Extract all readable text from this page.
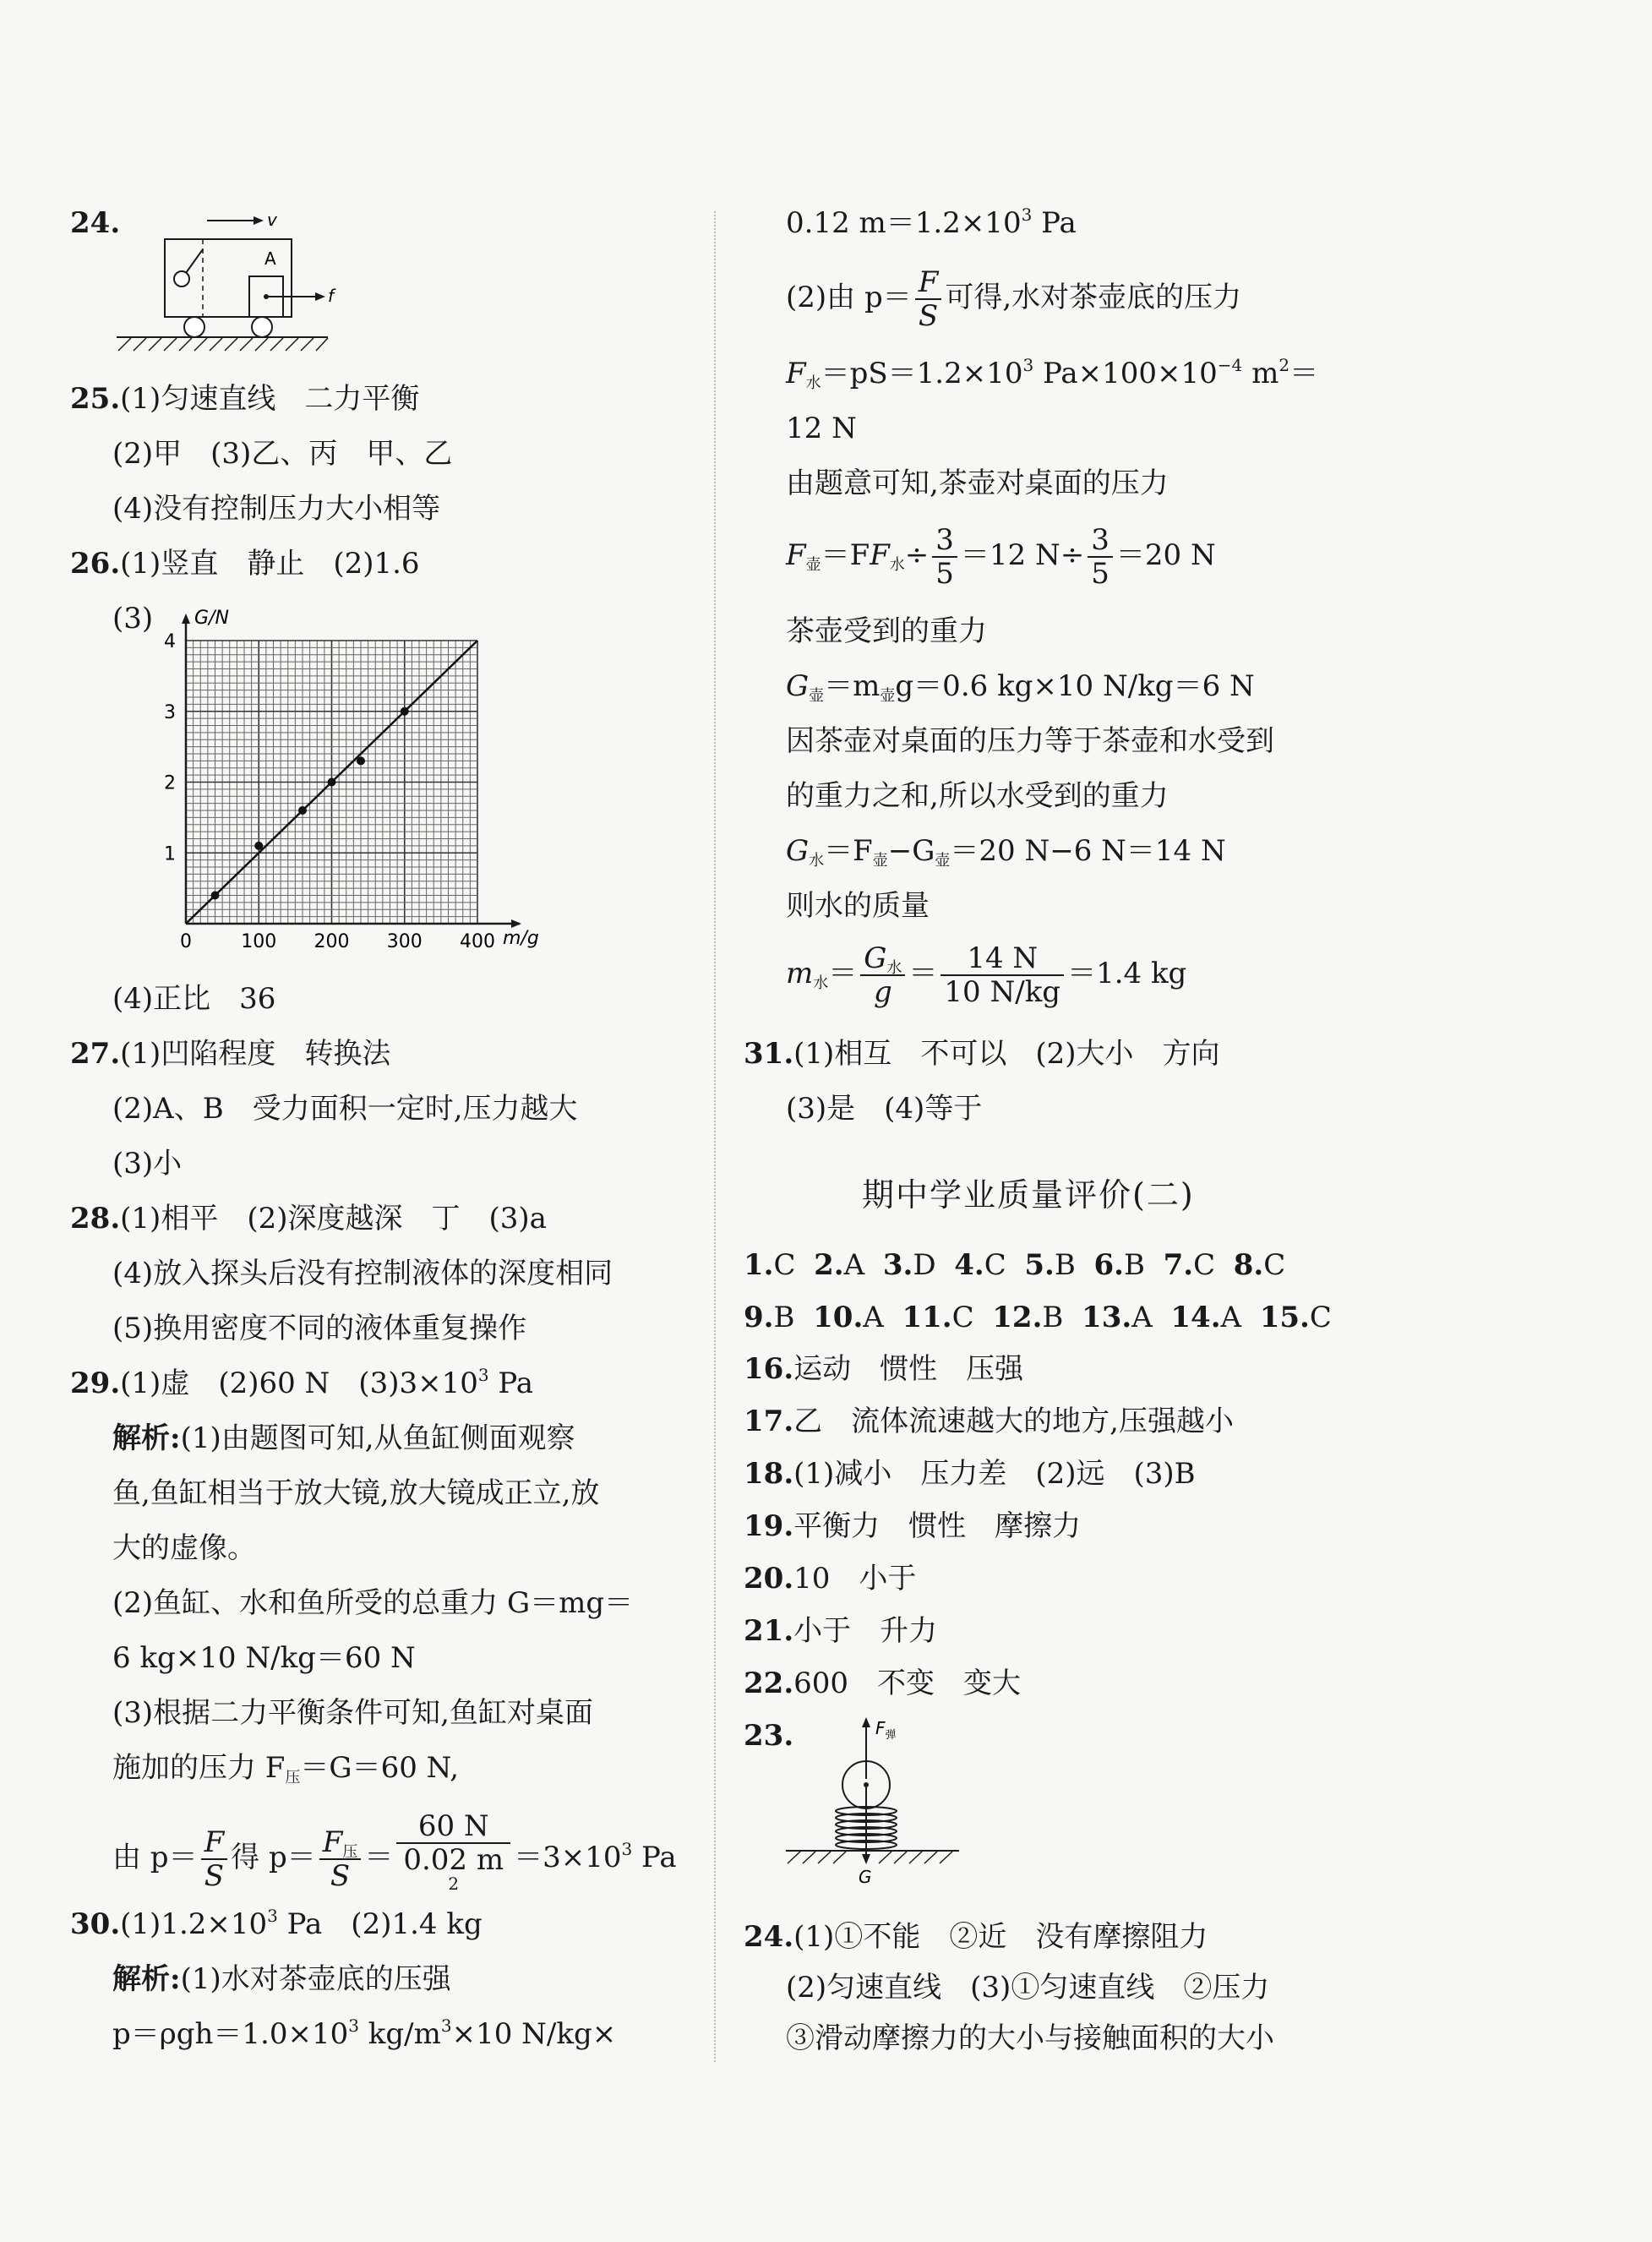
24.	v
A
f
25.(1)匀速直线　二力平衡
(2)甲　(3)乙、丙　甲、乙
(4)没有控制压力大小相等
26.(1)竖直　静止　(2)1.6
(3) G/N
m/g
0	100 200 300 400
1
2
3
4
(4)正比　36
27.(1)凹陷程度　转换法
(2)A、B　受力面积一定时,压力越大
(3)小
28.(1)相平　(2)深度越深　丁　(3)a
(4)放入探头后没有控制液体的深度相同
(5)换用密度不同的液体重复操作
29.(1)虚　(2)60 N　$(3)3\times 10^3$ Pa
解析:(1)由题图可知,从鱼缸侧面观察
鱼,鱼缸相当于放大镜,放大镜成正立,放
大的虚像。
(2)鱼缸、水和鱼所受的总重力 G＝mg＝
6 kg×10 N/kg＝60 N
(3)根据二力平衡条件可知,鱼缸对桌面
施加的压力 $F_压=G=60$ N,
由 $p= \frac{F}{S}$ 得 $p= \frac{F_压}{S} = 60$ N
0.02 m
$^2 =3\times 10^3$ Pa
$30.(1)1.2\times 10^3$ Pa　(2)1.4 kg
解析:(1)水对茶壶底的压强
$p=\rho gh=1.0\times 10^3$ $kg/m^3\times 10$ N/kg×
0.12 $m=1.2\times 10^3$ Pa
(2)由 $p= \frac{F}{S}$ 可得,水对茶壶底的压力
$F_水=pS=1.2\times 10^3$ $Pa\times 100\times 10^{-4}$ $m^2=$
12 N
由题意可知,茶壶对桌面的压力
$F_壶=FF_水\div \frac{3}{5} =12$ $N\div \frac{3}{5} =20$ N
茶壶受到的重力
$G_壶=m_壶g=0.6$ kg×10 N/kg＝6 N
因茶壶对桌面的压力等于茶壶和水受到
的重力之和,所以水受到的重力
$G_水=F_壶-G_壶=20$ N−6 N＝14 N
则水的质量
$m_水= \frac{G_水}{g} = \frac{14 N}{10 N/kg} =1.4$ kg
31.(1)相互　不可以　(2)大小　方向
(3)是　(4)等于
期中学业质量评价(二)
1.C 2.A 3.D 4.C 5.B 6.B 7.C 8.C
9.B 10.A 11.C 12.B 13.A 14.A 15.C
16.运动　惯性　压强
17.乙　流体流速越大的地方,压强越小
18.(1)减小　压力差　(2)远　(3)B
19.平衡力　惯性　摩擦力
20.10　小于
21.小于　升力
22.600　不变　变大
23.	$F_弹$
G
24.(1)①不能　②近　没有摩擦阻力
(2)匀速直线　(3)①匀速直线　②压力
③滑动摩擦力的大小与接触面积的大小
